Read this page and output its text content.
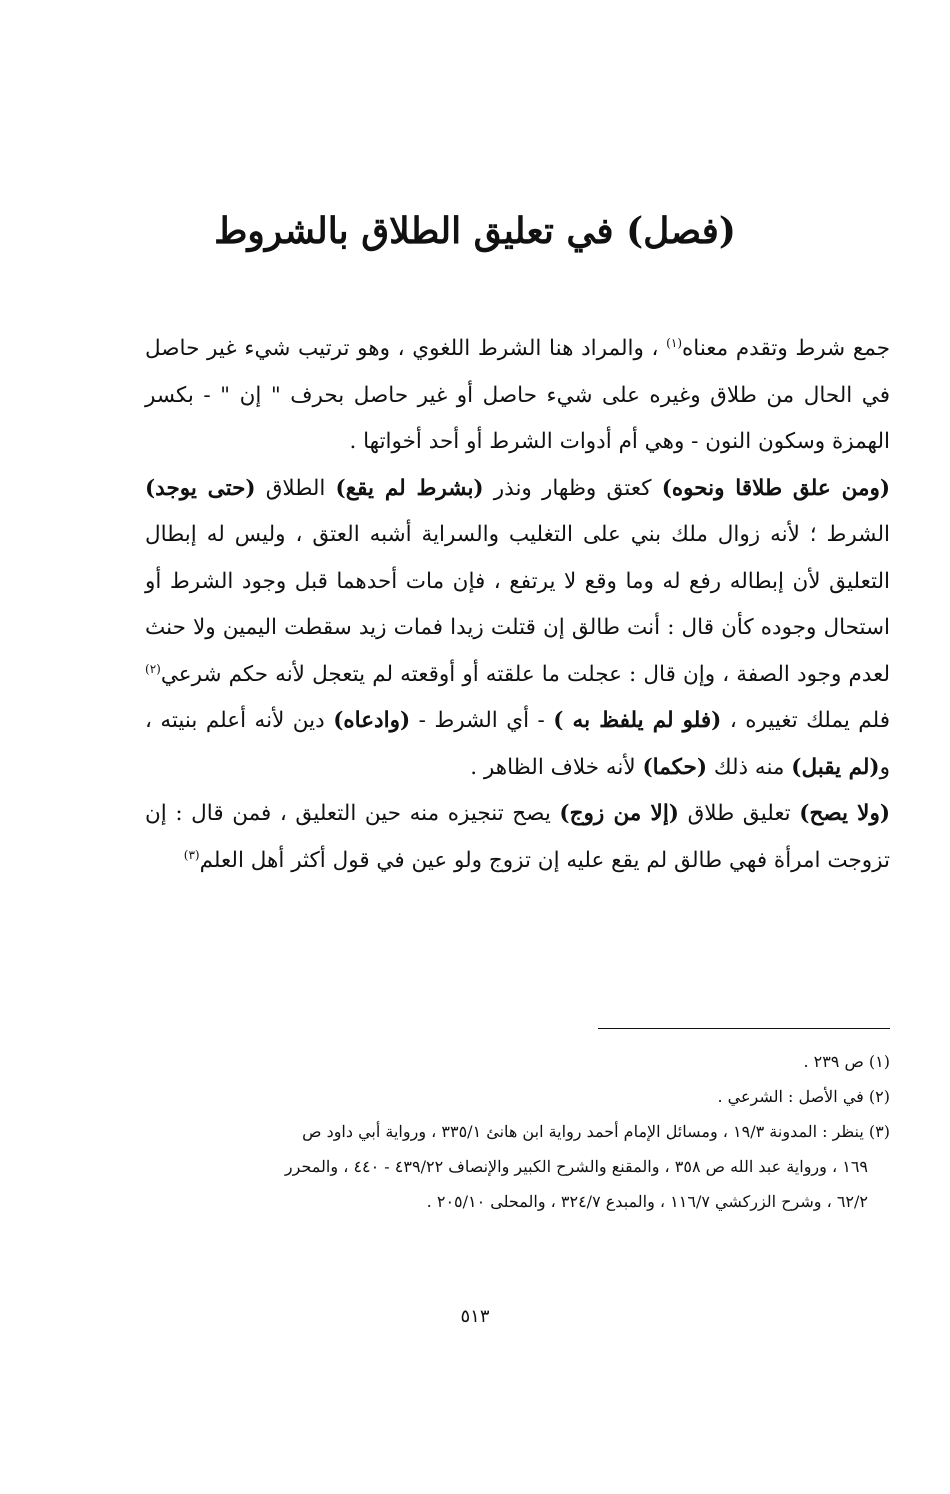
(فصل) في تعليق الطلاق بالشروط

جمع شرط وتقدم معناه$^{(١)}$ ، والمراد هنا الشرط اللغوي ، وهو ترتيب شيء غير حاصل في الحال من طلاق وغيره على شيء حاصل أو غير حاصل بحرف " إن " - بكسر الهمزة وسكون النون - وهي أم أدوات الشرط أو أحد أخواتها .

(ومن علق طلاقا ونحوه) كعتق وظهار ونذر (بشرط لم يقع) الطلاق (حتى يوجد) الشرط ؛ لأنه زوال ملك بني على التغليب والسراية أشبه العتق ، وليس له إبطال التعليق لأن إبطاله رفع له وما وقع لا يرتفع ، فإن مات أحدهما قبل وجود الشرط أو استحال وجوده كأن قال : أنت طالق إن قتلت زيدا فمات زيد سقطت اليمين ولا حنث لعدم وجود الصفة ، وإن قال : عجلت ما علقته أو أوقعته لم يتعجل لأنه حكم شرعي$^{(٢)}$ فلم يملك تغييره ، (فلو لم يلفظ به ) - أي الشرط - (وادعاه) دين لأنه أعلم بنيته ، و(لم يقبل) منه ذلك (حكما) لأنه خلاف الظاهر .

(ولا يصح) تعليق طلاق (إلا من زوج) يصح تنجيزه منه حين التعليق ، فمن قال : إن تزوجت امرأة فهي طالق لم يقع عليه إن تزوج ولو عين في قول أكثر أهل العلم$^{(٣)}$

(١) ص ٢٣٩ .

(٢) في الأصل : الشرعي .

(٣) ينظر : المدونة ١٩/٣ ، ومسائل الإمام أحمد رواية ابن هانئ ٣٣٥/١ ، ورواية أبي داود ص

١٦٩ ، ورواية عبد الله ص ٣٥٨ ، والمقنع والشرح الكبير والإنصاف ٤٣٩/٢٢ - ٤٤٠ ، والمحرر

٦٢/٢ ، وشرح الزركشي ١١٦/٧ ، والمبدع ٣٢٤/٧ ، والمحلى ٢٠٥/١٠ .

٥١٣
